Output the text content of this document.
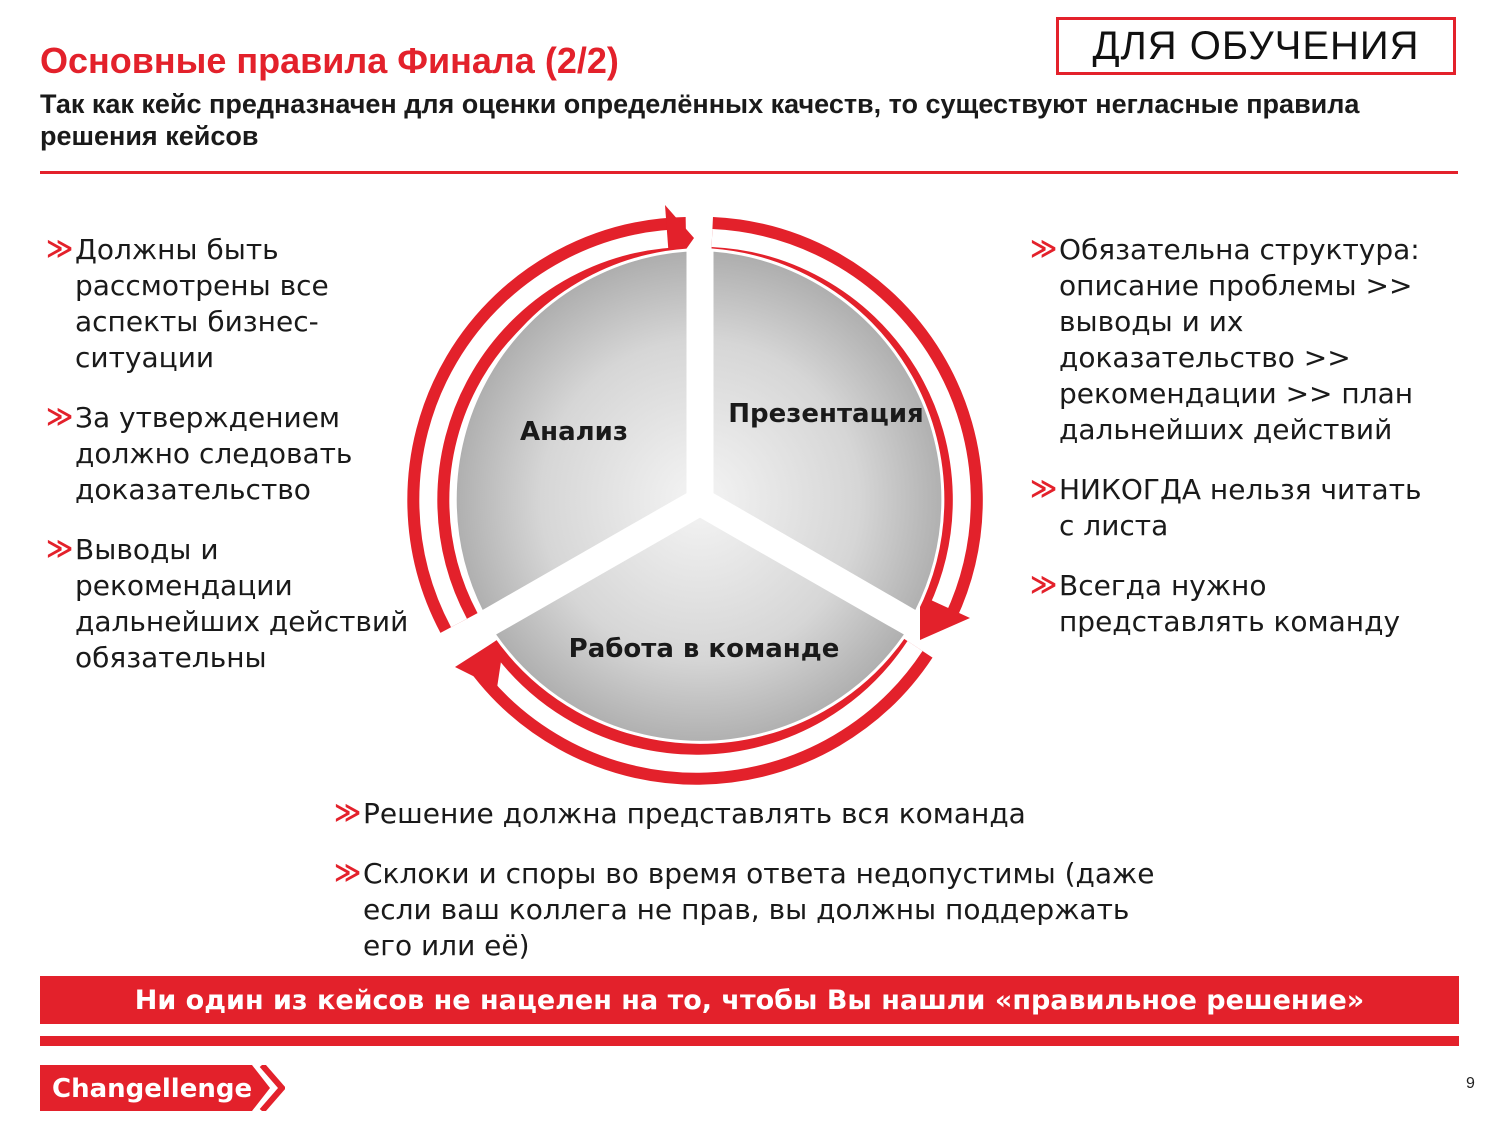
Основные правила Финала (2/2)	ДЛЯ ОБУЧЕНИЯ

Так как кейс предназначен для оценки определённых качеств, то существуют негласные правила решения кейсов

≫ Должны быть рассмотрены все аспекты бизнес-ситуации
≫ За утверждением должно следовать доказательство
≫ Выводы и рекомендации дальнейших действий обязательны
≫ Обязательна структура: описание проблемы >> выводы и их доказательство >> рекомендации >> план дальнейших действий
≫ НИКОГДА нельзя читать с листа
≫ Всегда нужно представлять команду
Анализ
Презентация
Работа в команде
≫ Решение должна представлять вся команда
≫ Склоки и споры во время ответа недопустимы (даже если ваш коллега не прав, вы должны поддержать его или её)
Ни один из кейсов не нацелен на то, чтобы Вы нашли «правильное решение»
Changellenge	9
